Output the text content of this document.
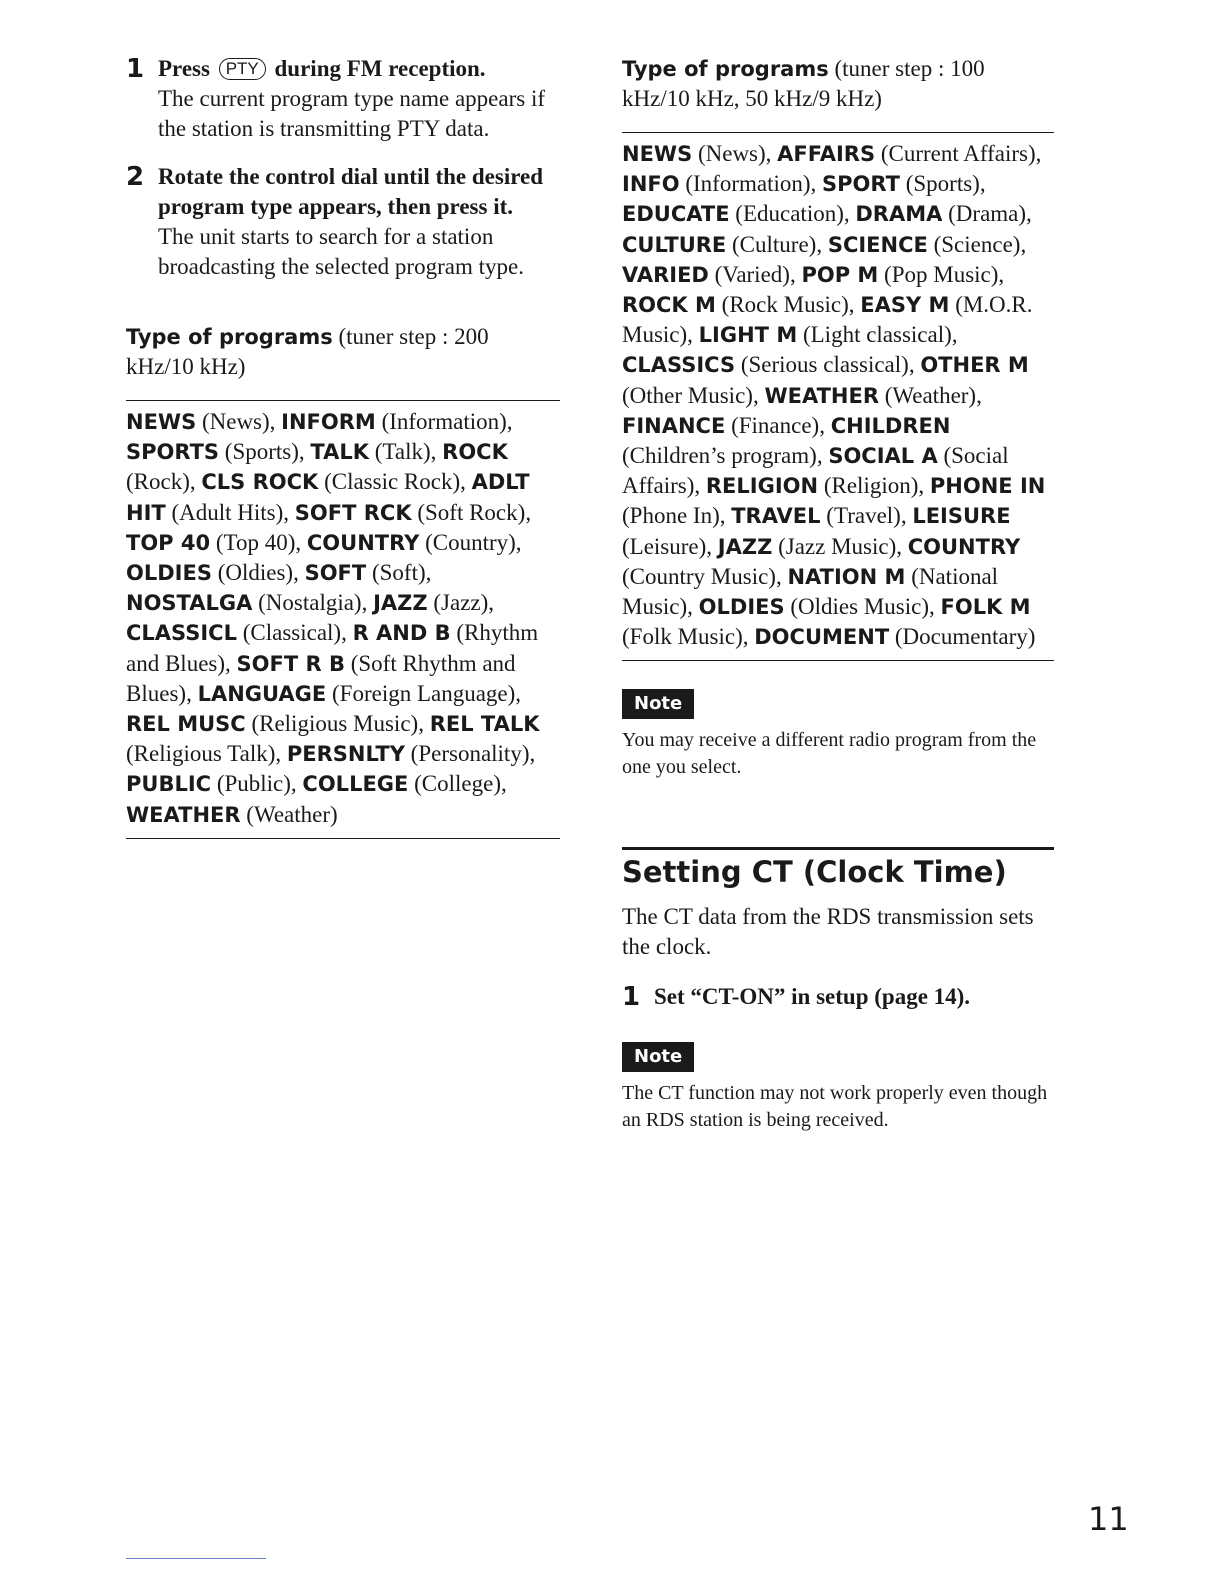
1 Press PTY during FM reception.
The current program type name appears if the station is transmitting PTY data.
2 Rotate the control dial until the desired program type appears, then press it.
The unit starts to search for a station broadcasting the selected program type.
Type of programs (tuner step : 200 kHz/10 kHz)
NEWS (News), INFORM (Information), SPORTS (Sports), TALK (Talk), ROCK (Rock), CLS ROCK (Classic Rock), ADLT HIT (Adult Hits), SOFT RCK (Soft Rock), TOP 40 (Top 40), COUNTRY (Country), OLDIES (Oldies), SOFT (Soft), NOSTALGA (Nostalgia), JAZZ (Jazz), CLASSICL (Classical), R AND B (Rhythm and Blues), SOFT R B (Soft Rhythm and Blues), LANGUAGE (Foreign Language), REL MUSC (Religious Music), REL TALK (Religious Talk), PERSNLTY (Personality), PUBLIC (Public), COLLEGE (College), WEATHER (Weather)
Type of programs (tuner step : 100 kHz/10 kHz, 50 kHz/9 kHz)
NEWS (News), AFFAIRS (Current Affairs), INFO (Information), SPORT (Sports), EDUCATE (Education), DRAMA (Drama), CULTURE (Culture), SCIENCE (Science), VARIED (Varied), POP M (Pop Music), ROCK M (Rock Music), EASY M (M.O.R. Music), LIGHT M (Light classical), CLASSICS (Serious classical), OTHER M (Other Music), WEATHER (Weather), FINANCE (Finance), CHILDREN (Children’s program), SOCIAL A (Social Affairs), RELIGION (Religion), PHONE IN (Phone In), TRAVEL (Travel), LEISURE (Leisure), JAZZ (Jazz Music), COUNTRY (Country Music), NATION M (National Music), OLDIES (Oldies Music), FOLK M (Folk Music), DOCUMENT (Documentary)
Note
You may receive a different radio program from the one you select.
Setting CT (Clock Time)
The CT data from the RDS transmission sets the clock.
1 Set “CT-ON” in setup (page 14).
Note
The CT function may not work properly even though an RDS station is being received.
11
